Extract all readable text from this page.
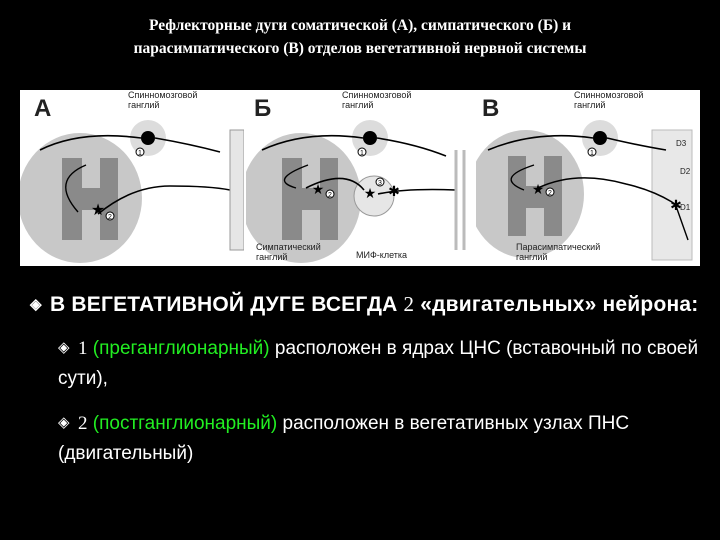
Рефлекторные дуги соматической (А), симпатического (Б) и
парасимпатического (В) отделов вегетативной нервной системы
1
★ 2
А	Спинномозговой
ганглий
★
★	✱
1
2
3
Б	Спинномозговой
ганглий
Симпатический
ганглий	МИФ-клетка
★
✱
1
2
D3
D2
D1
В	Спинномозговой
ганглий
Парасимпатический
ганглий
◈ В ВЕГЕТАТИВНОЙ ДУГЕ ВСЕГДА 2 «двигательных» нейрона:
◈ 1 (преганглионарный) расположен в ядрах ЦНС (вставочный по своей сути),
◈ 2 (постганглионарный) расположен в вегетативных узлах ПНС (двигательный)
